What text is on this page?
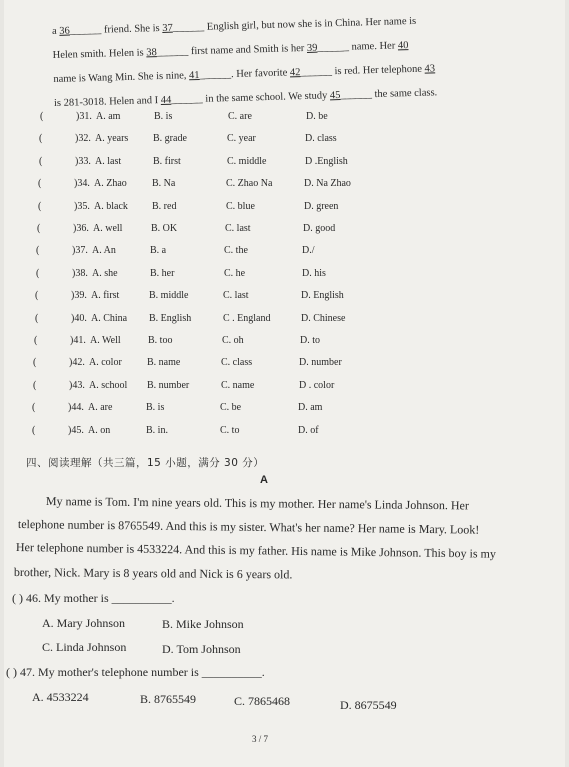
a 36______ friend. She is 37______ English girl, but now she is in China. Her name is
Helen smith. Helen is 38______ first name and Smith is her 39______ name. Her 40
name is Wang Min. She is nine, 41______. Her favorite 42______ is red. Her telephone 43
is 281-3018. Helen and I 44______ in the same school. We study 45______ the same class.
(	)31. A. am	B. is	C. are	D. be
(	)32. A. years B. grade	C. year	D. class
(	)33. A. last	B. first	C. middle	D .English
(	)34. A. Zhao	B. Na	C. Zhao Na	D. Na Zhao
(	)35. A. black B. red	C. blue	D. green
(	)36. A. well	B. OK	C. last	D. good
(	)37. A. An	B. a	C. the	D./
(	)38. A. she	B. her	C. he	D. his
(	)39. A. first	B. middle	C. last	D. English
(	)40. A. China B. English	C . England	D. Chinese
(	)41. A. Well	B. too	C. oh	D. to
(	)42. A. color	B. name	C. class	D. number
(	)43. A. school B. number	C. name	D . color
(	)44. A. are	B. is	C. be	D. am
(	)45. A. on	B. in.	C. to	D. of
四、阅读理解（共三篇，15 小题，满分 30 分）
A
My name is Tom. I'm nine years old. This is my mother. Her name's Linda Johnson. Her
telephone number is 8765549. And this is my sister. What's her name? Her name is Mary. Look!
Her telephone number is 4533224. And this is my father. His name is Mike Johnson. This boy is my
brother, Nick. Mary is 8 years old and Nick is 6 years old.
( ) 46. My mother is __________.
A. Mary Johnson	B. Mike Johnson
C. Linda Johnson	D. Tom Johnson
( ) 47. My mother's telephone number is __________.
A. 4533224	B. 8765549	C. 7865468	D. 8675549
3 / 7
